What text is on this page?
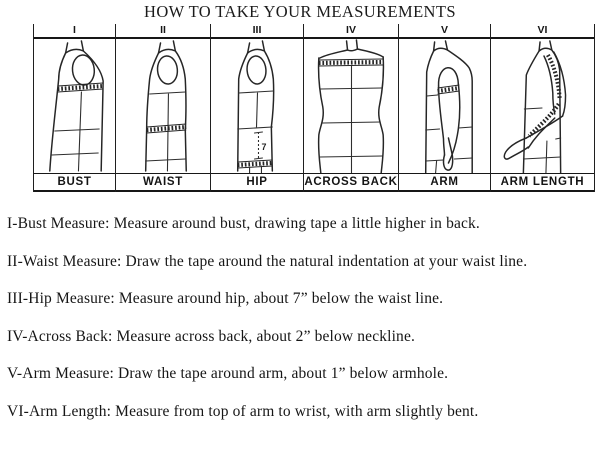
HOW TO TAKE YOUR MEASUREMENTS
I
BUST
II
WAIST
III
7
HIP
IV
ACROSS BACK
V
ARM
VI
ARM LENGTH

I-Bust Measure: Measure around bust, drawing tape a little higher in back.

II-Waist Measure: Draw the tape around the natural indentation at your waist line.

III-Hip Measure: Measure around hip, about 7” below the waist line.

IV-Across Back: Measure across back, about 2” below neckline.

V-Arm Measure: Draw the tape around arm, about 1” below armhole.

VI-Arm Length: Measure from top of arm to wrist, with arm slightly bent.
